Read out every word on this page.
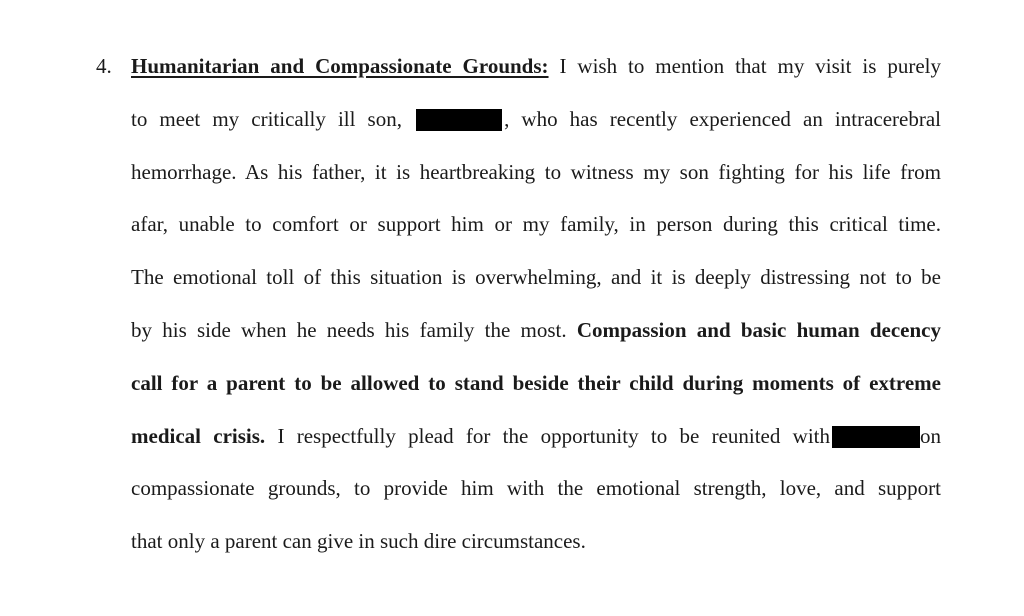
4. Humanitarian and Compassionate Grounds: I wish to mention that my visit is purely
to meet my critically ill son,	, who has recently experienced an intracerebral
hemorrhage. As his father, it is heartbreaking to witness my son fighting for his life from
afar, unable to comfort or support him or my family, in person during this critical time.
The emotional toll of this situation is overwhelming, and it is deeply distressing not to be
by his side when he needs his family the most. Compassion and basic human decency
call for a parent to be allowed to stand beside their child during moments of extreme
medical crisis. I respectfully plead for the opportunity to be reunited with	on
compassionate grounds, to provide him with the emotional strength, love, and support
that only a parent can give in such dire circumstances.
